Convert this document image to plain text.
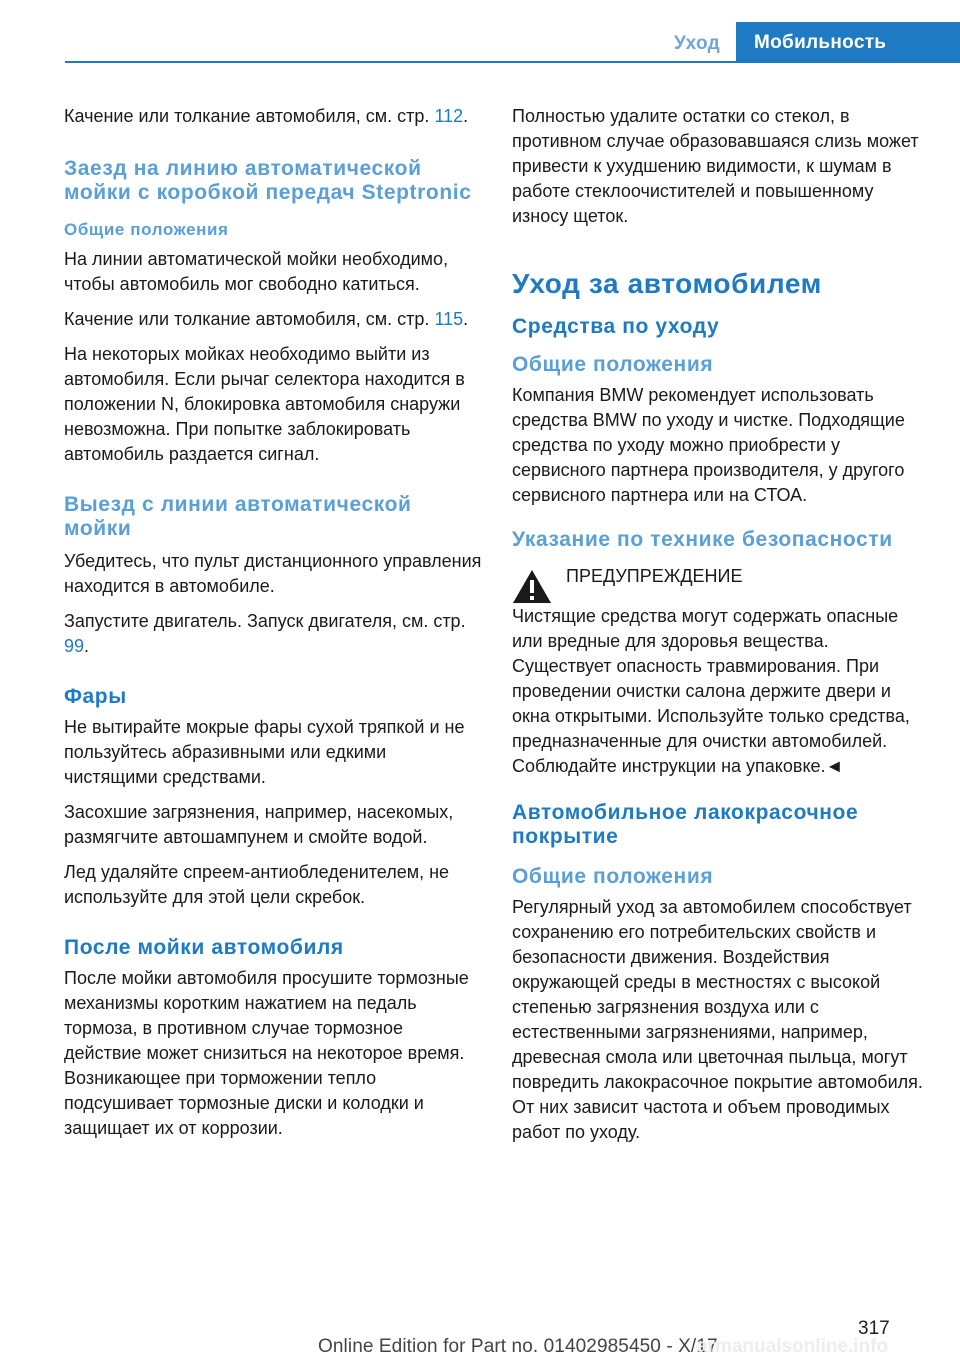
Уход	Мобильность

Качение или толкание автомобиля, см. стр. 112.

Заезд на линию автоматической мойки с коробкой передач Steptronic
Общие положения

На линии автоматической мойки необходимо, чтобы автомобиль мог свободно катиться.

Качение или толкание автомобиля, см. стр. 115.

На некоторых мойках необходимо выйти из автомобиля. Если рычаг селектора находится в положении N, блокировка автомобиля снаружи невозможна. При попытке заблокировать автомобиль раздается сигнал.

Выезд с линии автоматической мойки

Убедитесь, что пульт дистанционного управления находится в автомобиле.

Запустите двигатель. Запуск двигателя, см. стр. 99.

Фары

Не вытирайте мокрые фары сухой тряпкой и не пользуйтесь абразивными или едкими чистящими средствами.

Засохшие загрязнения, например, насекомых, размягчите автошампунем и смойте водой.

Лед удаляйте спреем-антиобледенителем, не используйте для этой цели скребок.

После мойки автомобиля

После мойки автомобиля просушите тормозные механизмы коротким нажатием на педаль тормоза, в противном случае тормозное действие может снизиться на некоторое время. Возникающее при торможении тепло подсушивает тормозные диски и колодки и защищает их от коррозии.

Полностью удалите остатки со стекол, в противном случае образовавшаяся слизь может привести к ухудшению видимости, к шумам в работе стеклоочистителей и повышенному износу щеток.

Уход за автомобилем
Средства по уходу
Общие положения

Компания BMW рекомендует использовать средства BMW по уходу и чистке. Подходящие средства по уходу можно приобрести у сервисного партнера производителя, у другого сервисного партнера или на СТОА.

Указание по технике безопасности
ПРЕДУПРЕЖДЕНИЕ

Чистящие средства могут содержать опасные или вредные для здоровья вещества. Существует опасность травмирования. При проведении очистки салона держите двери и окна открытыми. Используйте только средства, предназначенные для очистки автомобилей. Соблюдайте инструкции на упаковке.◄

Автомобильное лакокрасочное покрытие
Общие положения

Регулярный уход за автомобилем способствует сохранению его потребительских свойств и безопасности движения. Воздействия окружающей среды в местностях с высокой степенью загрязнения воздуха или с естественными загрязнениями, например, древесная смола или цветочная пыльца, могут повредить лакокрасочное покрытие автомобиля. От них зависит частота и объем проводимых работ по уходу.

317
Online Edition for Part no. 01402985450 - X/17
armanualsonline.info
